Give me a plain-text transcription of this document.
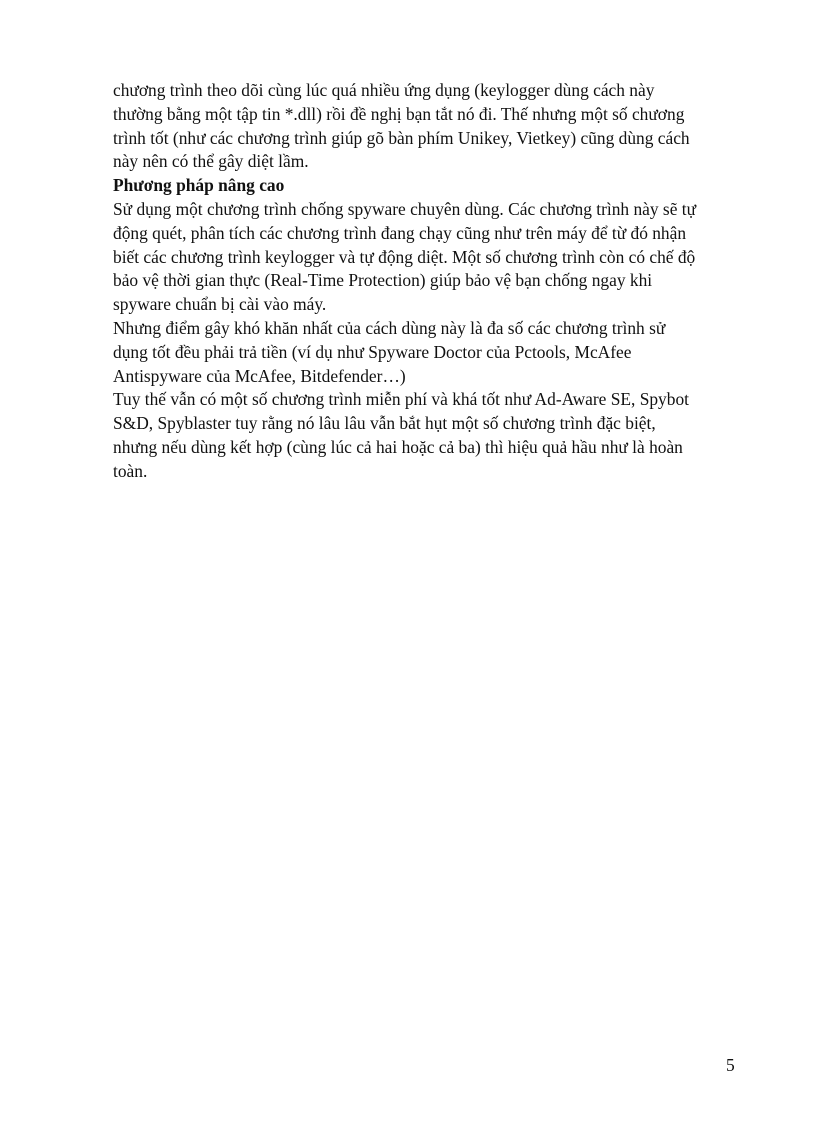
chương trình theo dõi cùng lúc quá nhiều ứng dụng (keylogger dùng cách này
thường bằng một tập tin *.dll) rồi đề nghị bạn tắt nó đi. Thế nhưng một số chương
trình tốt (như các chương trình giúp gõ bàn phím Unikey, Vietkey) cũng dùng cách
này nên có thể gây diệt lầm.
Phương pháp nâng cao
Sử dụng một chương trình chống spyware chuyên dùng. Các chương trình này sẽ tự
động quét, phân tích các chương trình đang chạy cũng như trên máy để từ đó nhận
biết các chương trình keylogger và tự động diệt. Một số chương trình còn có chế độ
bảo vệ thời gian thực (Real-Time Protection) giúp bảo vệ bạn chống ngay khi
spyware chuẩn bị cài vào máy.
Nhưng điểm gây khó khăn nhất của cách dùng này là đa số các chương trình sử
dụng tốt đều phải trả tiền (ví dụ như Spyware Doctor của Pctools, McAfee
Antispyware của McAfee, Bitdefender…)
Tuy thế vẫn có một số chương trình miễn phí và khá tốt như Ad-Aware SE, Spybot
S&D, Spyblaster tuy rằng nó lâu lâu vẫn bắt hụt một số chương trình đặc biệt,
nhưng nếu dùng kết hợp (cùng lúc cả hai hoặc cả ba) thì hiệu quả hầu như là hoàn
toàn.
5
